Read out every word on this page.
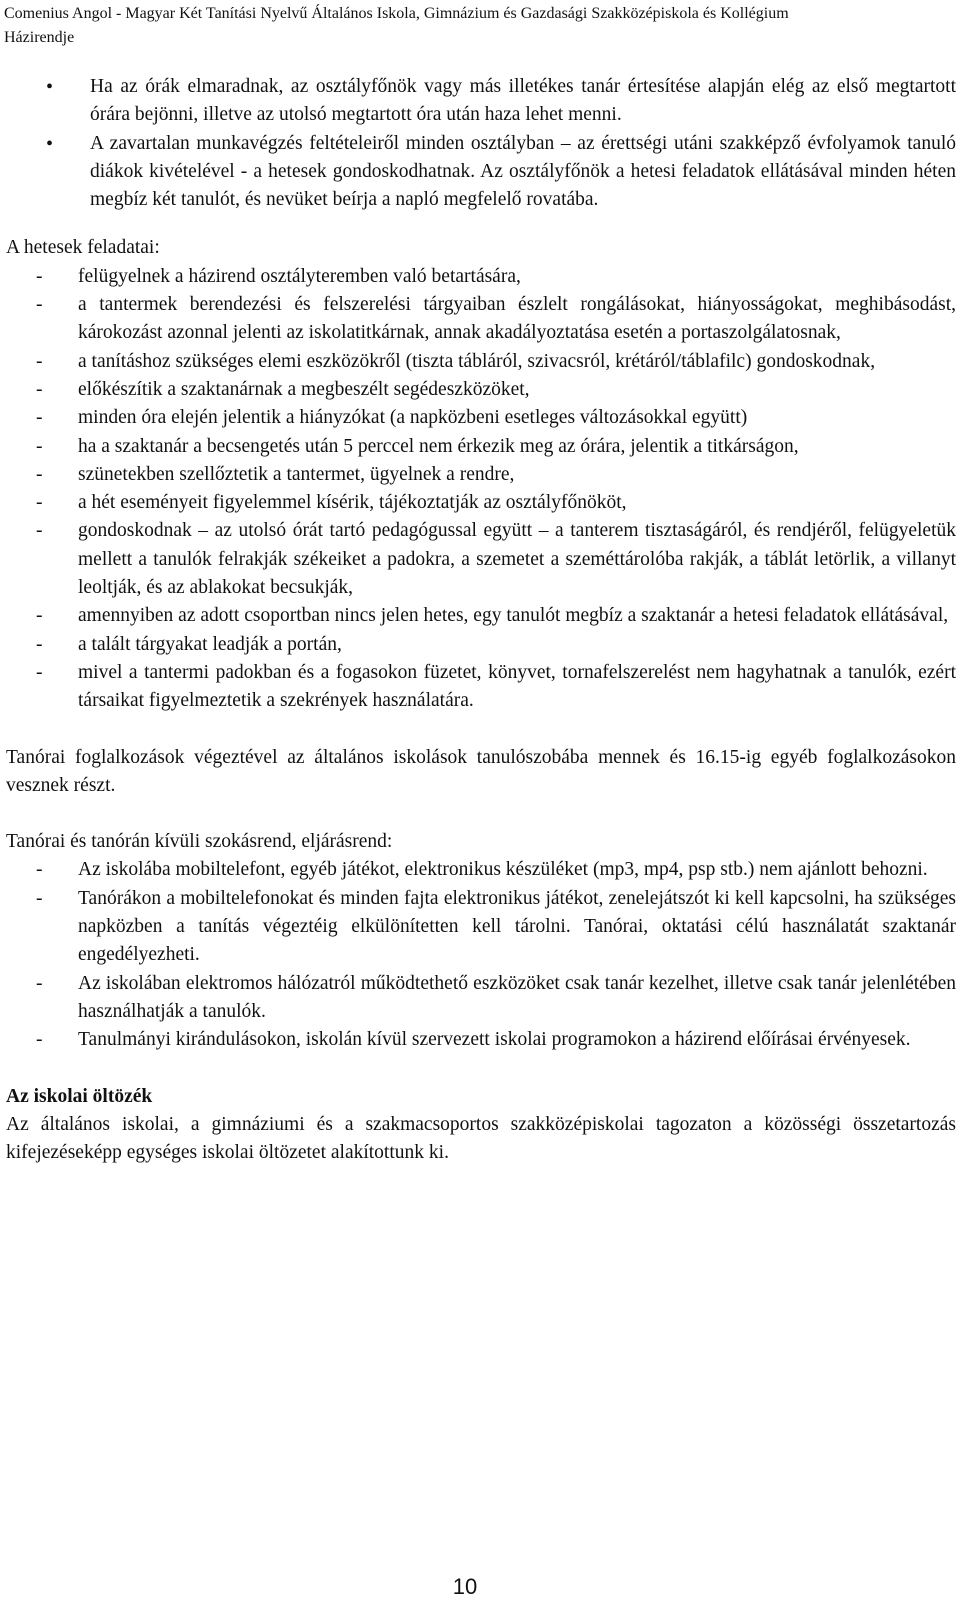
Comenius Angol - Magyar Két Tanítási Nyelvű Általános Iskola, Gimnázium és Gazdasági Szakközépiskola és Kollégium
Házirendje
• Ha az órák elmaradnak, az osztályfőnök vagy más illetékes tanár értesítése alapján elég az első megtartott órára bejönni, illetve az utolsó megtartott óra után haza lehet menni.
• A zavartalan munkavégzés feltételeiről minden osztályban – az érettségi utáni szakképző évfolyamok tanuló diákok kivételével - a hetesek gondoskodhatnak. Az osztályfőnök a hetesi feladatok ellátásával minden héten megbíz két tanulót, és nevüket beírja a napló megfelelő rovatába.

A hetesek feladatai:

- felügyelnek a házirend osztályteremben való betartására,
- a tantermek berendezési és felszerelési tárgyaiban észlelt rongálásokat, hiányosságokat, meghibásodást, károkozást azonnal jelenti az iskolatitkárnak, annak akadályoztatása esetén a portaszolgálatosnak,
- a tanításhoz szükséges elemi eszközökről (tiszta tábláról, szivacsról, krétáról/táblafilc) gondoskodnak,
- előkészítik a szaktanárnak a megbeszélt segédeszközöket,
- minden óra elején jelentik a hiányzókat (a napközbeni esetleges változásokkal együtt)
- ha a szaktanár a becsengetés után 5 perccel nem érkezik meg az órára, jelentik a titkárságon,
- szünetekben szellőztetik a tantermet, ügyelnek a rendre,
- a hét eseményeit figyelemmel kísérik, tájékoztatják az osztályfőnököt,
- gondoskodnak – az utolsó órát tartó pedagógussal együtt – a tanterem tisztaságáról, és rendjéről, felügyeletük mellett a tanulók felrakják székeiket a padokra, a szemetet a szeméttárolóba rakják, a táblát letörlik, a villanyt leoltják, és az ablakokat becsukják,
- amennyiben az adott csoportban nincs jelen hetes, egy tanulót megbíz a szaktanár a hetesi feladatok ellátásával,
- a talált tárgyakat leadják a portán,
- mivel a tantermi padokban és a fogasokon füzetet, könyvet, tornafelszerelést nem hagyhatnak a tanulók, ezért társaikat figyelmeztetik a szekrények használatára.

Tanórai foglalkozások végeztével az általános iskolások tanulószobába mennek és 16.15-ig egyéb foglalkozásokon vesznek részt.

Tanórai és tanórán kívüli szokásrend, eljárásrend:

- Az iskolába mobiltelefont, egyéb játékot, elektronikus készüléket (mp3, mp4, psp stb.) nem ajánlott behozni.
- Tanórákon a mobiltelefonokat és minden fajta elektronikus játékot, zenelejátszót ki kell kapcsolni, ha szükséges napközben a tanítás végeztéig elkülönítetten kell tárolni. Tanórai, oktatási célú használatát szaktanár engedélyezheti.
- Az iskolában elektromos hálózatról működtethető eszközöket csak tanár kezelhet, illetve csak tanár jelenlétében használhatják a tanulók.
- Tanulmányi kirándulásokon, iskolán kívül szervezett iskolai programokon a házirend előírásai érvényesek.

Az iskolai öltözék

Az általános iskolai, a gimnáziumi és a szakmacsoportos szakközépiskolai tagozaton a közösségi összetartozás kifejezéseképp egységes iskolai öltözetet alakítottunk ki.

10
